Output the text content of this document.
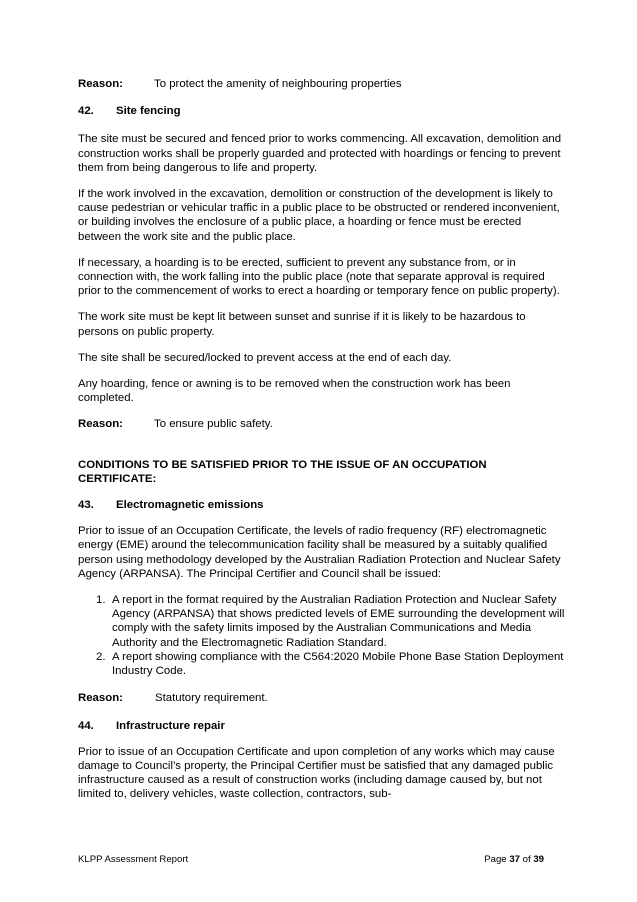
Reason:	To protect the amenity of neighbouring properties

42.	Site fencing

The site must be secured and fenced prior to works commencing. All excavation, demolition and construction works shall be properly guarded and protected with hoardings or fencing to prevent them from being dangerous to life and property.

If the work involved in the excavation, demolition or construction of the development is likely to cause pedestrian or vehicular traffic in a public place to be obstructed or rendered inconvenient, or building involves the enclosure of a public place, a hoarding or fence must be erected between the work site and the public place.

If necessary, a hoarding is to be erected, sufficient to prevent any substance from, or in connection with, the work falling into the public place (note that separate approval is required prior to the commencement of works to erect a hoarding or temporary fence on public property).

The work site must be kept lit between sunset and sunrise if it is likely to be hazardous to persons on public property.

The site shall be secured/locked to prevent access at the end of each day.

Any hoarding, fence or awning is to be removed when the construction work has been completed.

Reason:	To ensure public safety.

CONDITIONS TO BE SATISFIED PRIOR TO THE ISSUE OF AN OCCUPATION CERTIFICATE:

43.	Electromagnetic emissions

Prior to issue of an Occupation Certificate, the levels of radio frequency (RF) electromagnetic energy (EME) around the telecommunication facility shall be measured by a suitably qualified person using methodology developed by the Australian Radiation Protection and Nuclear Safety Agency (ARPANSA). The Principal Certifier and Council shall be issued:

1. A report in the format required by the Australian Radiation Protection and Nuclear Safety Agency (ARPANSA) that shows predicted levels of EME surrounding the development will comply with the safety limits imposed by the Australian Communications and Media Authority and the Electromagnetic Radiation Standard.
2. A report showing compliance with the C564:2020 Mobile Phone Base Station Deployment Industry Code.

Reason:	Statutory requirement.

44.	Infrastructure repair

Prior to issue of an Occupation Certificate and upon completion of any works which may cause damage to Council’s property, the Principal Certifier must be satisfied that any damaged public infrastructure caused as a result of construction works (including damage caused by, but not limited to, delivery vehicles, waste collection, contractors, sub-

KLPP Assessment Report	Page 37 of 39
